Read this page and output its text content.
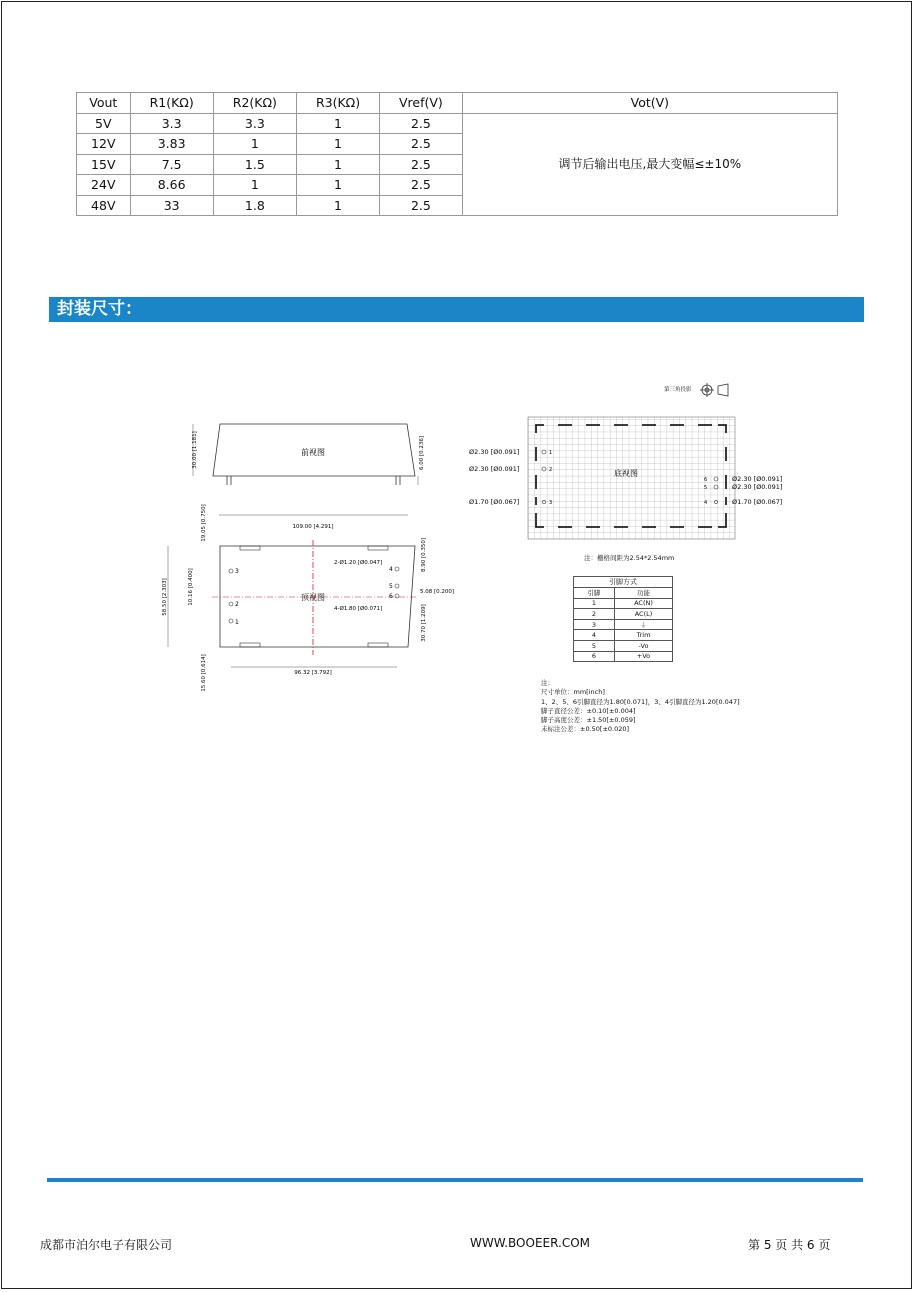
Vout	R1(KΩ)	R2(KΩ)	R3(KΩ)	Vref(V)	Vot(V)
5V	3.3	3.3	1	2.5	调节后输出电压,最大变幅≤±10%
12V	3.83	1	1	2.5	
15V	7.5	1.5	1	2.5	
24V	8.66	1	1	2.5	
48V	33	1.8	1	2.5	
封装尺寸：
第三角投影
前视图
30.00 [1.181]	6.00 [0.236]
109.00 [4.291]
19.05 [0.750]
顶视图
3
2
1
4
5
6
2-Ø1.20 [Ø0.047]
4-Ø1.80 [Ø0.071]
5.08 [0.200]
8.90 [0.350]
30.70 [1.209]
58.50 [2.303]	10.16 [0.400]
15.60 [0.614]	96.32 [3.792]
底视图
1
2
3
Ø2.30 [Ø0.091]
Ø2.30 [Ø0.091]
Ø1.70 [Ø0.067]
6
5
4
Ø2.30 [Ø0.091]
Ø2.30 [Ø0.091]
Ø1.70 [Ø0.067]
注：栅格间距为2.54*2.54mm
引脚方式	
引脚	功能
1	AC(N)
2	AC(L)
3	⏚
4	Trim
5	-Vo
6	+Vo
注：
尺寸单位：mm[inch]
1、2、5、6引脚直径为1.80[0.071]，3、4引脚直径为1.20[0.047]
脚子直径公差：±0.10[±0.004]
脚子高度公差：±1.50[±0.059]
未标注公差：±0.50[±0.020]
成都市泊尔电子有限公司	WWW.BOOEER.COM	第 5 页 共 6 页
